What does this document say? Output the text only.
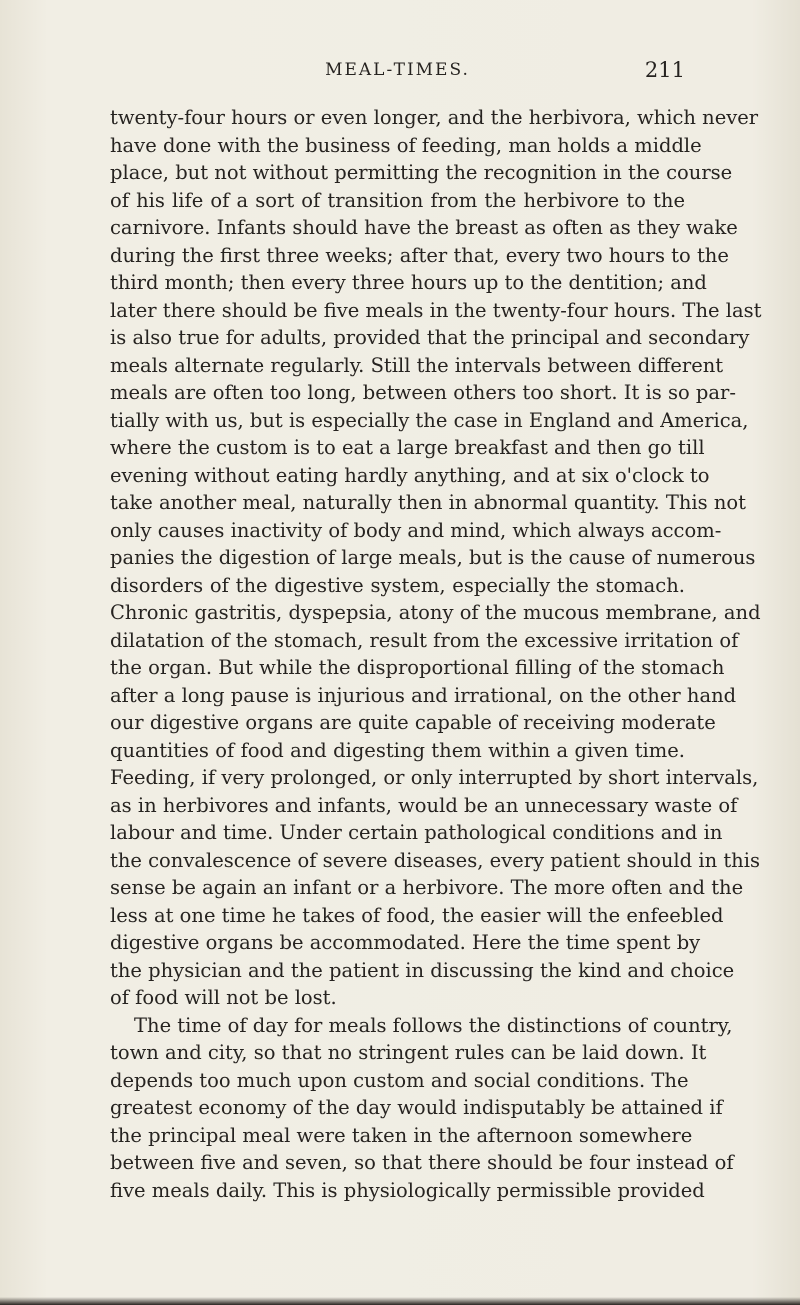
MEAL-TIMES.	211
twenty-four hours or even longer, and the herbivora, which never
have done with the business of feeding, man holds a middle
place, but not without permitting the recognition in the course
of his life of a sort of transition from the herbivore to the
carnivore. Infants should have the breast as often as they wake
during the first three weeks; after that, every two hours to the
third month; then every three hours up to the dentition; and
later there should be five meals in the twenty-four hours. The last
is also true for adults, provided that the principal and secondary
meals alternate regularly. Still the intervals between different
meals are often too long, between others too short. It is so par-
tially with us, but is especially the case in England and America,
where the custom is to eat a large breakfast and then go till
evening without eating hardly anything, and at six o'clock to
take another meal, naturally then in abnormal quantity. This not
only causes inactivity of body and mind, which always accom-
panies the digestion of large meals, but is the cause of numerous
disorders of the digestive system, especially the stomach.
Chronic gastritis, dyspepsia, atony of the mucous membrane, and
dilatation of the stomach, result from the excessive irritation of
the organ. But while the disproportional filling of the stomach
after a long pause is injurious and irrational, on the other hand
our digestive organs are quite capable of receiving moderate
quantities of food and digesting them within a given time.
Feeding, if very prolonged, or only interrupted by short intervals,
as in herbivores and infants, would be an unnecessary waste of
labour and time. Under certain pathological conditions and in
the convalescence of severe diseases, every patient should in this
sense be again an infant or a herbivore. The more often and the
less at one time he takes of food, the easier will the enfeebled
digestive organs be accommodated. Here the time spent by
the physician and the patient in discussing the kind and choice
of food will not be lost.
The time of day for meals follows the distinctions of country,
town and city, so that no stringent rules can be laid down. It
depends too much upon custom and social conditions. The
greatest economy of the day would indisputably be attained if
the principal meal were taken in the afternoon somewhere
between five and seven, so that there should be four instead of
five meals daily. This is physiologically permissible provided
